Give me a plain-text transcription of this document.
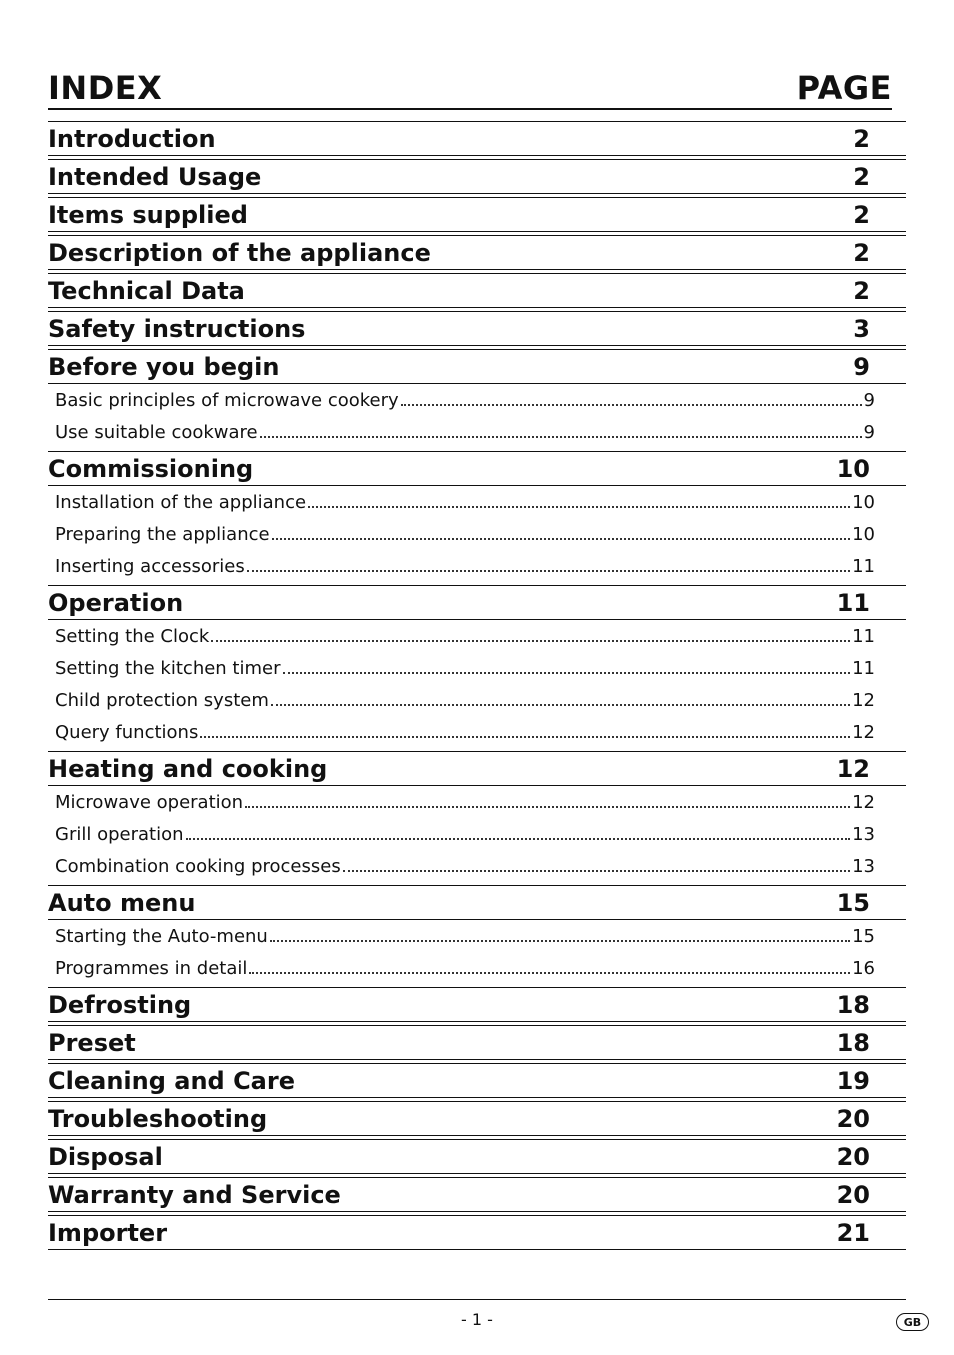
INDEX	PAGE
Introduction	2
Intended Usage	2
Items supplied	2
Description of the appliance	2
Technical Data	2
Safety instructions	3
Before you begin	9
Basic principles of microwave cookery	9
Use suitable cookware	9
Commissioning	10
Installation of the appliance	10
Preparing the appliance	10
Inserting accessories	11
Operation	11
Setting the Clock	11
Setting the kitchen timer	11
Child protection system	12
Query functions	12
Heating and cooking	12
Microwave operation	12
Grill operation	13
Combination cooking processes	13
Auto menu	15
Starting the Auto-menu	15
Programmes in detail	16
Defrosting	18
Preset	18
Cleaning and Care	19
Troubleshooting	20
Disposal	20
Warranty and Service	20
Importer	21
- 1 -	GB
